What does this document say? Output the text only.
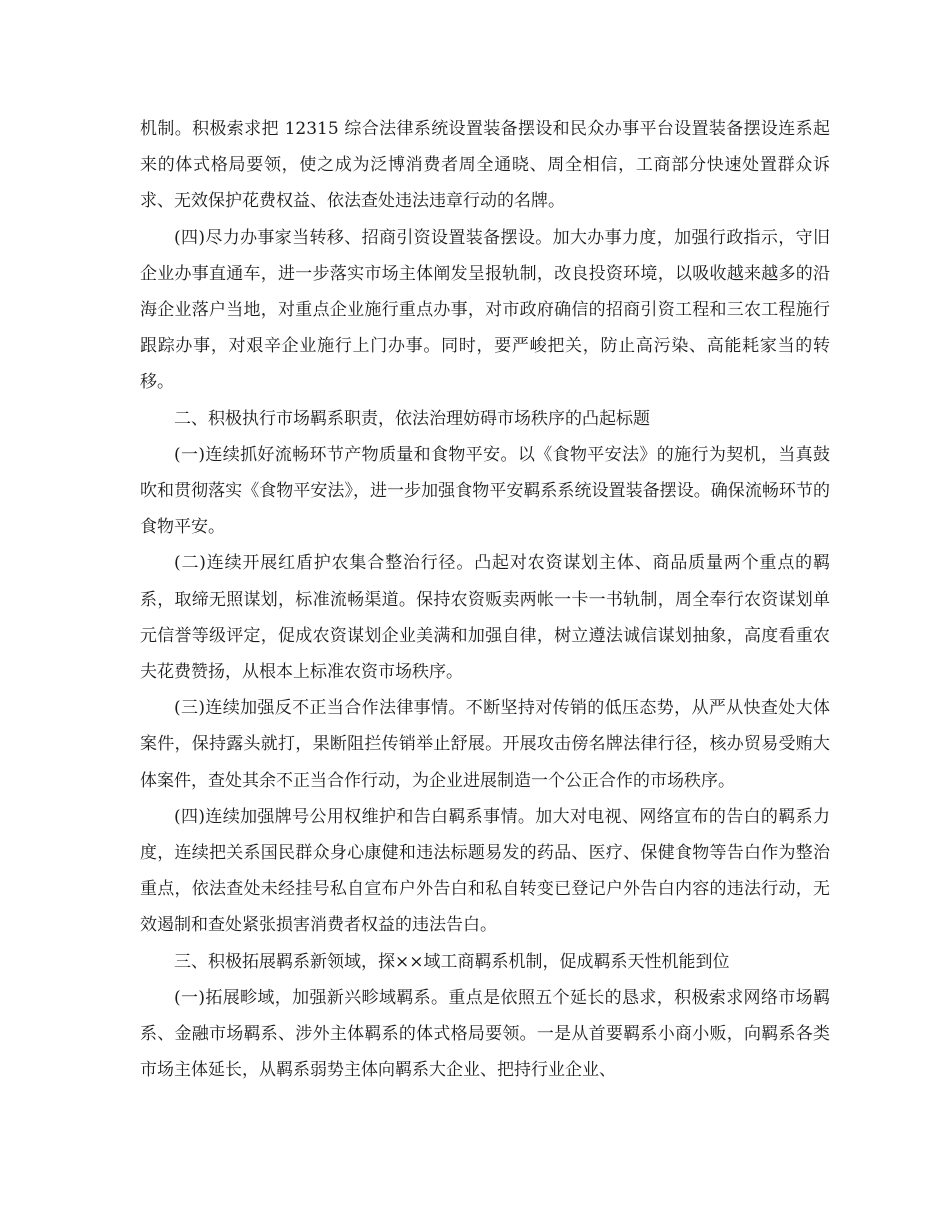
机制。积极索求把 12315 综合法律系统设置装备摆设和民众办事平台设置装备摆设连系起来的体式格局要领，使之成为泛博消费者周全通晓、周全相信，工商部分快速处置群众诉求、无效保护花费权益、依法查处违法违章行动的名牌。

(四)尽力办事家当转移、招商引资设置装备摆设。加大办事力度，加强行政指示，守旧企业办事直通车，进一步落实市场主体阐发呈报轨制，改良投资环境，以吸收越来越多的沿海企业落户当地，对重点企业施行重点办事，对市政府确信的招商引资工程和三农工程施行跟踪办事，对艰辛企业施行上门办事。同时，要严峻把关，防止高污染、高能耗家当的转移。

二、积极执行市场羁系职责，依法治理妨碍市场秩序的凸起标题

(一)连续抓好流畅环节产物质量和食物平安。以《食物平安法》的施行为契机，当真鼓吹和贯彻落实《食物平安法》，进一步加强食物平安羁系系统设置装备摆设。确保流畅环节的食物平安。

(二)连续开展红盾护农集合整治行径。凸起对农资谋划主体、商品质量两个重点的羁系，取缔无照谋划，标准流畅渠道。保持农资贩卖两帐一卡一书轨制，周全奉行农资谋划单元信誉等级评定，促成农资谋划企业美满和加强自律，树立遵法诚信谋划抽象，高度看重农夫花费赞扬，从根本上标准农资市场秩序。

(三)连续加强反不正当合作法律事情。不断坚持对传销的低压态势，从严从快查处大体案件，保持露头就打，果断阻拦传销举止舒展。开展攻击傍名牌法律行径，核办贸易受贿大体案件，查处其余不正当合作行动，为企业进展制造一个公正合作的市场秩序。

(四)连续加强牌号公用权维护和告白羁系事情。加大对电视、网络宣布的告白的羁系力度，连续把关系国民群众身心康健和违法标题易发的药品、医疗、保健食物等告白作为整治重点，依法查处未经挂号私自宣布户外告白和私自转变已登记户外告白内容的违法行动，无效遏制和查处紧张损害消费者权益的违法告白。

三、积极拓展羁系新领域，探××域工商羁系机制，促成羁系天性机能到位

(一)拓展畛域，加强新兴畛域羁系。重点是依照五个延长的恳求，积极索求网络市场羁系、金融市场羁系、涉外主体羁系的体式格局要领。一是从首要羁系小商小贩，向羁系各类市场主体延长，从羁系弱势主体向羁系大企业、把持行业企业、
